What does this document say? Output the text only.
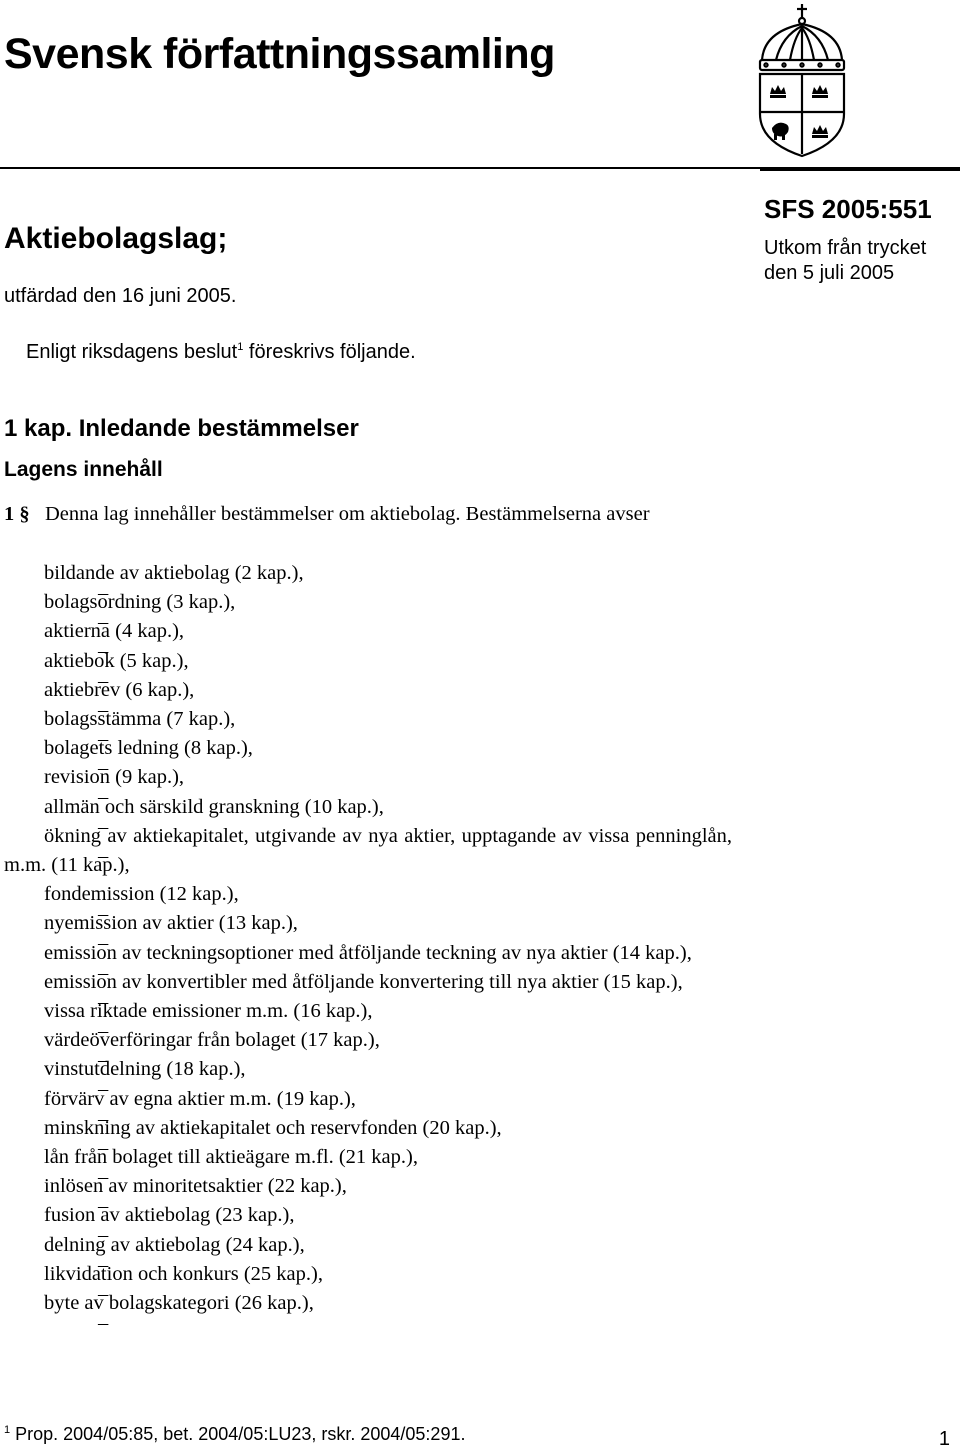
Svensk författningssamling
Aktiebolagslag;
utfärdad den 16 juni 2005.
SFS 2005:551
Utkom från trycket
den 5 juli 2005
Enligt riksdagens beslut$^1$ föreskrivs följande.
1 kap. Inledande bestämmelser
Lagens innehåll
1 § Denna lag innehåller bestämmelser om aktiebolag. Bestämmelserna avser
bildande av aktiebolag (2 kap.),
bolagsordning (3 kap.),
aktierna (4 kap.),
aktiebok (5 kap.),
aktiebrev (6 kap.),
bolagsstämma (7 kap.),
bolagets ledning (8 kap.),
revision (9 kap.),
allmän och särskild granskning (10 kap.),
ökning av aktiekapitalet, utgivande av nya aktier, upptagande av vissa penninglån, m.m. (11 kap.),
fondemission (12 kap.),
nyemission av aktier (13 kap.),
emission av teckningsoptioner med åtföljande teckning av nya aktier (14 kap.),
emission av konvertibler med åtföljande konvertering till nya aktier (15 kap.),
vissa riktade emissioner m.m. (16 kap.),
värdeöverföringar från bolaget (17 kap.),
vinstutdelning (18 kap.),
förvärv av egna aktier m.m. (19 kap.),
minskning av aktiekapitalet och reservfonden (20 kap.),
lån från bolaget till aktieägare m.fl. (21 kap.),
inlösen av minoritetsaktier (22 kap.),
fusion av aktiebolag (23 kap.),
delning av aktiebolag (24 kap.),
likvidation och konkurs (25 kap.),
byte av bolagskategori (26 kap.),
$^1$ Prop. 2004/05:85, bet. 2004/05:LU23, rskr. 2004/05:291.	1
